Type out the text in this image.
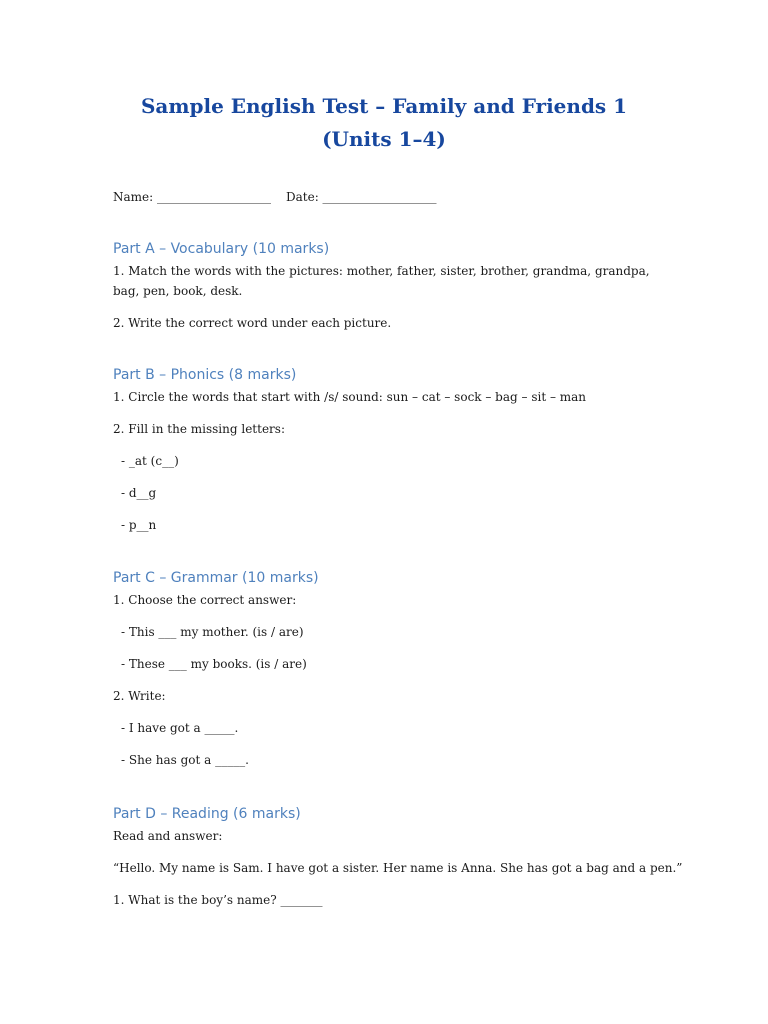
Sample English Test – Family and Friends 1 (Units 1–4)
Name: ___________________ Date: ___________________
Part A – Vocabulary (10 marks)
1. Match the words with the pictures: mother, father, sister, brother, grandma, grandpa, bag, pen, book, desk.
2. Write the correct word under each picture.
Part B – Phonics (8 marks)
1. Circle the words that start with /s/ sound: sun – cat – sock – bag – sit – man
2. Fill in the missing letters:
- _at (c__)
- d__g
- p__n
Part C – Grammar (10 marks)
1. Choose the correct answer:
- This ___ my mother. (is / are)
- These ___ my books. (is / are)
2. Write:
- I have got a _____.
- She has got a _____.
Part D – Reading (6 marks)
Read and answer:
“Hello. My name is Sam. I have got a sister. Her name is Anna. She has got a bag and a pen.”
1. What is the boy’s name? _______
